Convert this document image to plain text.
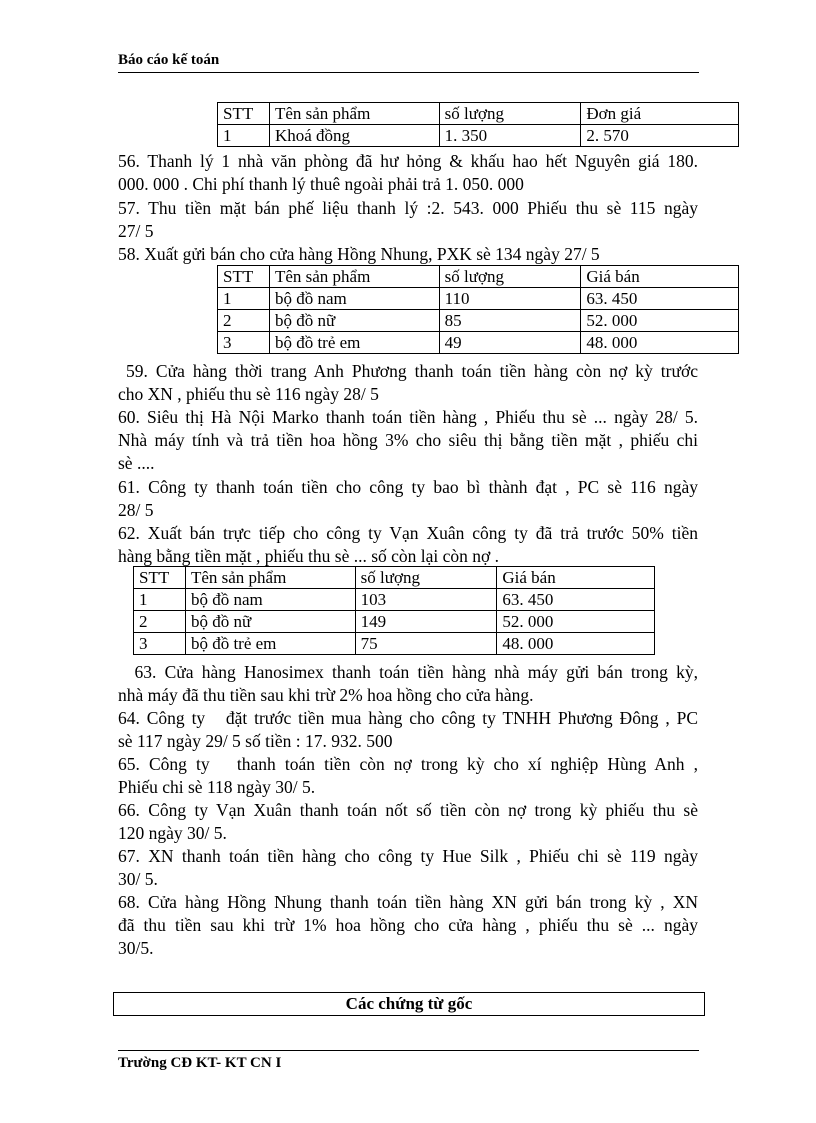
Báo cáo kế toán
STT	Tên sản phẩm	số lượng	Đơn giá
1	Khoá đồng	1. 350	2. 570

56. Thanh lý 1 nhà văn phòng đã hư hỏng & khấu hao hết Nguyên giá 180.

000. 000 . Chi phí thanh lý thuê ngoài phải trả 1. 050. 000

57. Thu tiền mặt bán phế liệu thanh lý :2. 543. 000 Phiếu thu sè 115 ngày

27/ 5

58. Xuất gửi bán cho cửa hàng Hồng Nhung, PXK sè 134 ngày 27/ 5

STT	Tên sản phẩm	số lượng	Giá bán
1	bộ đồ nam	110	63. 450
2	bộ đồ nữ	85	52. 000
3	bộ đồ trẻ em	49	48. 000

59. Cửa hàng thời trang Anh Phương thanh toán tiền hàng còn nợ kỳ trước

cho XN , phiếu thu sè 116 ngày 28/ 5

60. Siêu thị Hà Nội Marko thanh toán tiền hàng , Phiếu thu sè ... ngày 28/ 5.

Nhà máy tính và trả tiền hoa hồng 3% cho siêu thị bằng tiền mặt , phiếu chi

sè ....

61. Công ty thanh toán tiền cho công ty bao bì thành đạt , PC sè 116 ngày

28/ 5

62. Xuất bán trực tiếp cho công ty Vạn Xuân công ty đã trả trước 50% tiền

hàng bằng tiền mặt , phiếu thu sè ... số còn lại còn nợ .

STT	Tên sản phẩm	số lượng	Giá bán
1	bộ đồ nam	103	63. 450
2	bộ đồ nữ	149	52. 000
3	bộ đồ trẻ em	75	48. 000

63. Cửa hàng Hanosimex thanh toán tiền hàng nhà máy gửi bán trong kỳ,

nhà máy đã thu tiền sau khi trừ 2% hoa hồng cho cửa hàng.

64. Công ty   đặt trước tiền mua hàng cho công ty TNHH Phương Đông , PC

sè 117 ngày 29/ 5 số tiền : 17. 932. 500

65. Công ty   thanh toán tiền còn nợ trong kỳ cho xí nghiệp Hùng Anh ,

Phiếu chi sè 118 ngày 30/ 5.

66. Công ty Vạn Xuân thanh toán nốt số tiền còn nợ trong kỳ phiếu thu sè

120 ngày 30/ 5.

67. XN thanh toán tiền hàng cho công ty Hue Silk , Phiếu chi sè 119 ngày

30/ 5.

68. Cửa hàng Hồng Nhung thanh toán tiền hàng XN gửi bán trong kỳ , XN

đã thu tiền sau khi trừ 1% hoa hồng cho cửa hàng , phiếu thu sè ... ngày

30/5.

Các chứng từ gốc
Trường CĐ KT- KT CN I
